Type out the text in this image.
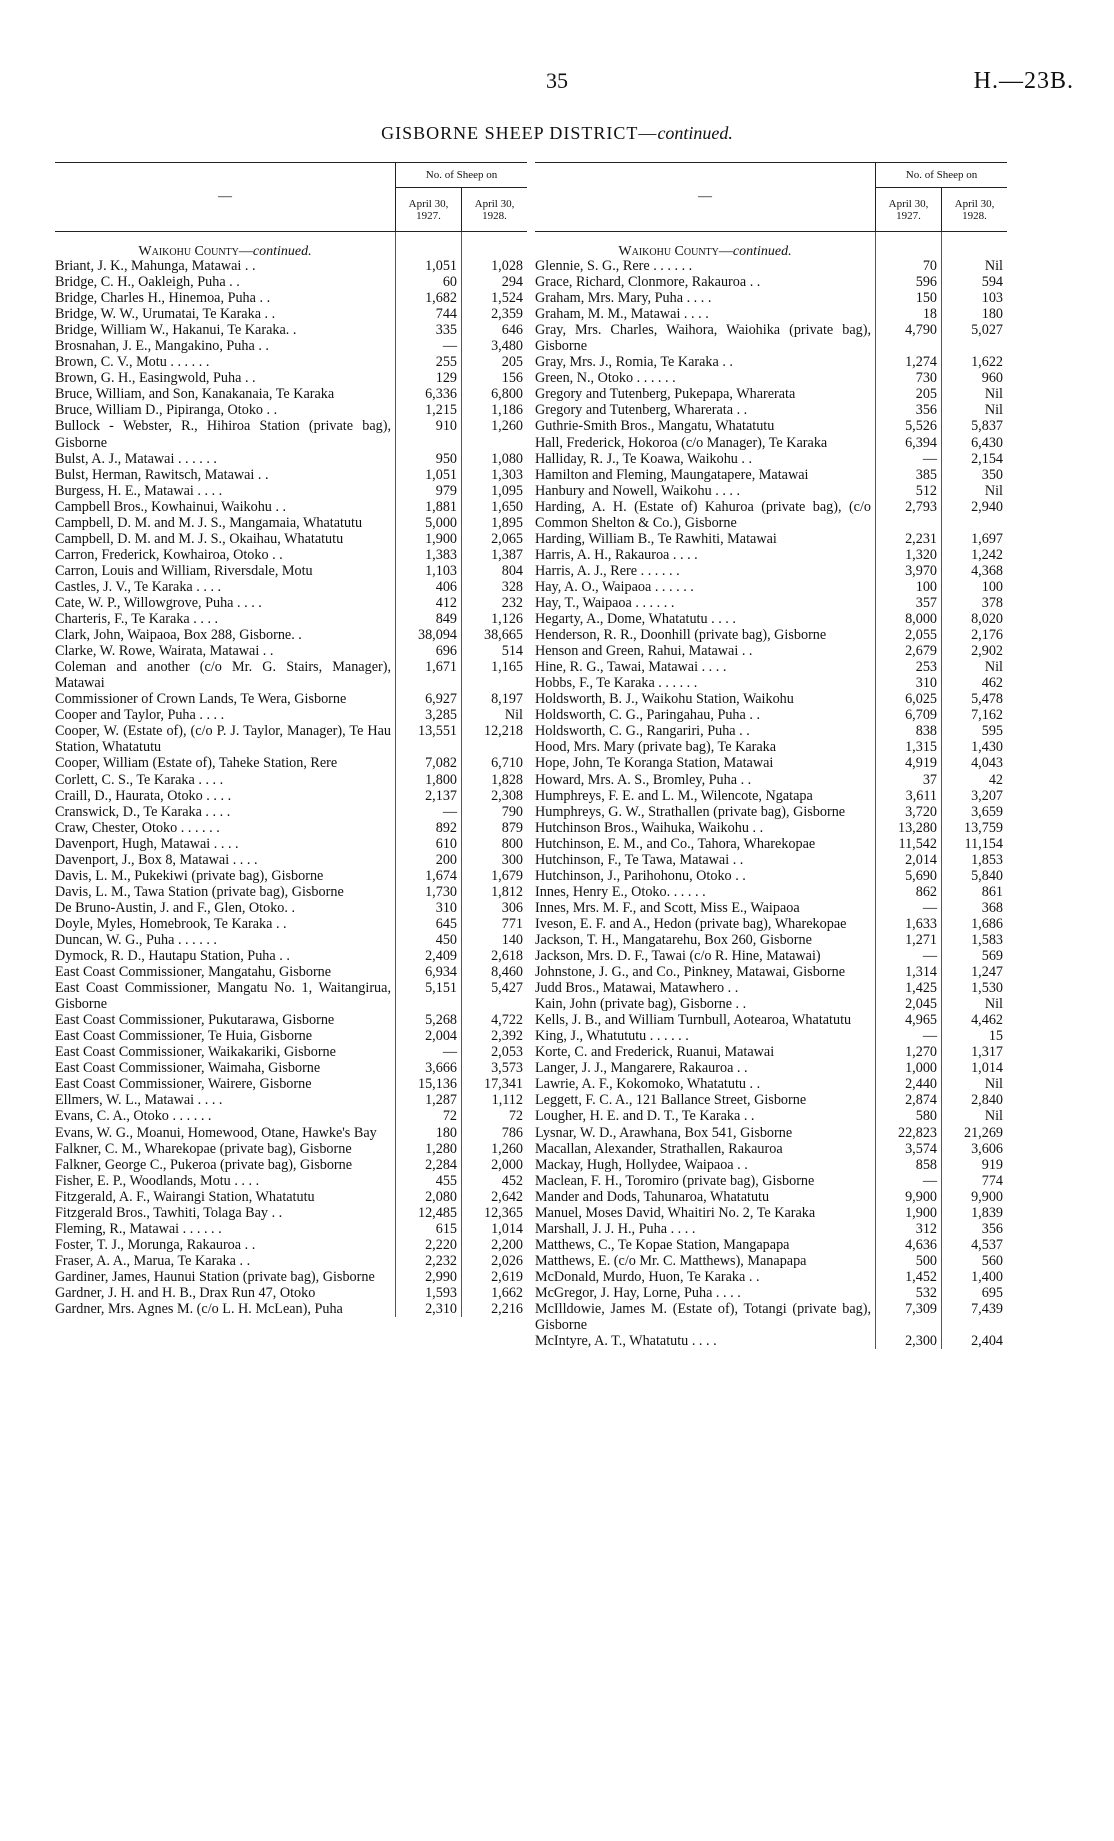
35	H.—23B.
GISBORNE SHEEP DISTRICT—continued.
—
No. of Sheep on
April 30, 1927.
April 30, 1928.
Waikohu County—continued.
Briant, J. K., Mahunga, Matawai . .	1,051	1,028
Bridge, C. H., Oakleigh, Puha . .	60	294
Bridge, Charles H., Hinemoa, Puha . .	1,682	1,524
Bridge, W. W., Urumatai, Te Karaka . .	744	2,359
Bridge, William W., Hakanui, Te Karaka. .	335	646
Brosnahan, J. E., Mangakino, Puha . .	—	3,480
Brown, C. V., Motu . . . . . .	255	205
Brown, G. H., Easingwold, Puha . .	129	156
Bruce, William, and Son, Kanakanaia, Te Karaka	6,336	6,800
Bruce, William D., Pipiranga, Otoko . .	1,215	1,186
Bullock - Webster, R., Hihiroa Station (private bag), Gisborne
910	1,260
Bulst, A. J., Matawai . . . . . .	950	1,080
Bulst, Herman, Rawitsch, Matawai . .	1,051	1,303
Burgess, H. E., Matawai . . . .	979	1,095
Campbell Bros., Kowhainui, Waikohu . .	1,881	1,650
Campbell, D. M. and M. J. S., Mangamaia, Whatatutu	5,000	1,895
Campbell, D. M. and M. J. S., Okaihau, Whatatutu	1,900	2,065
Carron, Frederick, Kowhairoa, Otoko . .	1,383	1,387
Carron, Louis and William, Riversdale, Motu	1,103	804
Castles, J. V., Te Karaka . . . .	406	328
Cate, W. P., Willowgrove, Puha . . . .	412	232
Charteris, F., Te Karaka . . . .	849	1,126
Clark, John, Waipaoa, Box 288, Gisborne. .	38,094	38,665
Clarke, W. Rowe, Wairata, Matawai . .	696	514
Coleman and another (c/o Mr. G. Stairs, Manager), Matawai
1,671	1,165
Commissioner of Crown Lands, Te Wera, Gisborne	6,927	8,197
Cooper and Taylor, Puha . . . .	3,285	Nil
Cooper, W. (Estate of), (c/o P. J. Taylor, Manager), Te Hau Station, Whatatutu
13,551	12,218
Cooper, William (Estate of), Taheke Station, Rere	7,082	6,710
Corlett, C. S., Te Karaka . . . .	1,800	1,828
Craill, D., Haurata, Otoko . . . .	2,137	2,308
Cranswick, D., Te Karaka . . . .	—	790
Craw, Chester, Otoko . . . . . .	892	879
Davenport, Hugh, Matawai . . . .	610	800
Davenport, J., Box 8, Matawai . . . .	200	300
Davis, L. M., Pukekiwi (private bag), Gisborne	1,674	1,679
Davis, L. M., Tawa Station (private bag), Gisborne	1,730	1,812
De Bruno-Austin, J. and F., Glen, Otoko. .	310	306
Doyle, Myles, Homebrook, Te Karaka . .	645	771
Duncan, W. G., Puha . . . . . .	450	140
Dymock, R. D., Hautapu Station, Puha . .	2,409	2,618
East Coast Commissioner, Mangatahu, Gisborne	6,934	8,460
East Coast Commissioner, Mangatu No. 1, Waitangirua, Gisborne
5,151	5,427
East Coast Commissioner, Pukutarawa, Gisborne	5,268	4,722
East Coast Commissioner, Te Huia, Gisborne	2,004	2,392
East Coast Commissioner, Waikakariki, Gisborne	—	2,053
East Coast Commissioner, Waimaha, Gisborne	3,666	3,573
East Coast Commissioner, Wairere, Gisborne	15,136	17,341
Ellmers, W. L., Matawai . . . .	1,287	1,112
Evans, C. A., Otoko . . . . . .	72	72
Evans, W. G., Moanui, Homewood, Otane, Hawke's Bay	180	786
Falkner, C. M., Wharekopae (private bag), Gisborne	1,280	1,260
Falkner, George C., Pukeroa (private bag), Gisborne	2,284	2,000
Fisher, E. P., Woodlands, Motu . . . .	455	452
Fitzgerald, A. F., Wairangi Station, Whatatutu	2,080	2,642
Fitzgerald Bros., Tawhiti, Tolaga Bay . .	12,485	12,365
Fleming, R., Matawai . . . . . .	615	1,014
Foster, T. J., Morunga, Rakauroa . .	2,220	2,200
Fraser, A. A., Marua, Te Karaka . .	2,232	2,026
Gardiner, James, Haunui Station (private bag), Gisborne	2,990	2,619
Gardner, J. H. and H. B., Drax Run 47, Otoko	1,593	1,662
Gardner, Mrs. Agnes M. (c/o L. H. McLean), Puha	2,310	2,216
—
No. of Sheep on
April 30, 1927.
April 30, 1928.
Waikohu County—continued.
Glennie, S. G., Rere . . . . . .	70	Nil
Grace, Richard, Clonmore, Rakauroa . .	596	594
Graham, Mrs. Mary, Puha . . . .	150	103
Graham, M. M., Matawai . . . .	18	180
Gray, Mrs. Charles, Waihora, Waiohika (private bag), Gisborne
4,790	5,027
Gray, Mrs. J., Romia, Te Karaka . .	1,274	1,622
Green, N., Otoko . . . . . .	730	960
Gregory and Tutenberg, Pukepapa, Wharerata	205	Nil
Gregory and Tutenberg, Wharerata . .	356	Nil
Guthrie-Smith Bros., Mangatu, Whatatutu	5,526	5,837
Hall, Frederick, Hokoroa (c/o Manager), Te Karaka	6,394	6,430
Halliday, R. J., Te Koawa, Waikohu . .	—	2,154
Hamilton and Fleming, Maungatapere, Matawai	385	350
Hanbury and Nowell, Waikohu . . . .	512	Nil
Harding, A. H. (Estate of) Kahuroa (private bag), (c/o Common Shelton & Co.), Gisborne
2,793	2,940
Harding, William B., Te Rawhiti, Matawai	2,231	1,697
Harris, A. H., Rakauroa . . . .	1,320	1,242
Harris, A. J., Rere . . . . . .	3,970	4,368
Hay, A. O., Waipaoa . . . . . .	100	100
Hay, T., Waipaoa . . . . . .	357	378
Hegarty, A., Dome, Whatatutu . . . .	8,000	8,020
Henderson, R. R., Doonhill (private bag), Gisborne	2,055	2,176
Henson and Green, Rahui, Matawai . .	2,679	2,902
Hine, R. G., Tawai, Matawai . . . .	253	Nil
Hobbs, F., Te Karaka . . . . . .	310	462
Holdsworth, B. J., Waikohu Station, Waikohu	6,025	5,478
Holdsworth, C. G., Paringahau, Puha . .	6,709	7,162
Holdsworth, C. G., Rangariri, Puha . .	838	595
Hood, Mrs. Mary (private bag), Te Karaka	1,315	1,430
Hope, John, Te Koranga Station, Matawai	4,919	4,043
Howard, Mrs. A. S., Bromley, Puha . .	37	42
Humphreys, F. E. and L. M., Wilencote, Ngatapa	3,611	3,207
Humphreys, G. W., Strathallen (private bag), Gisborne	3,720	3,659
Hutchinson Bros., Waihuka, Waikohu . .	13,280	13,759
Hutchinson, E. M., and Co., Tahora, Wharekopae	11,542	11,154
Hutchinson, F., Te Tawa, Matawai . .	2,014	1,853
Hutchinson, J., Parihohonu, Otoko . .	5,690	5,840
Innes, Henry E., Otoko. . . . . .	862	861
Innes, Mrs. M. F., and Scott, Miss E., Waipaoa	—	368
Iveson, E. F. and A., Hedon (private bag), Wharekopae	1,633	1,686
Jackson, T. H., Mangatarehu, Box 260, Gisborne	1,271	1,583
Jackson, Mrs. D. F., Tawai (c/o R. Hine, Matawai)	—	569
Johnstone, J. G., and Co., Pinkney, Matawai, Gisborne	1,314	1,247
Judd Bros., Matawai, Matawhero . .	1,425	1,530
Kain, John (private bag), Gisborne . .	2,045	Nil
Kells, J. B., and William Turnbull, Aotearoa, Whatatutu	4,965	4,462
King, J., Whatututu . . . . . .	—	15
Korte, C. and Frederick, Ruanui, Matawai	1,270	1,317
Langer, J. J., Mangarere, Rakauroa . .	1,000	1,014
Lawrie, A. F., Kokomoko, Whatatutu . .	2,440	Nil
Leggett, F. C. A., 121 Ballance Street, Gisborne	2,874	2,840
Lougher, H. E. and D. T., Te Karaka . .	580	Nil
Lysnar, W. D., Arawhana, Box 541, Gisborne	22,823	21,269
Macallan, Alexander, Strathallen, Rakauroa	3,574	3,606
Mackay, Hugh, Hollydee, Waipaoa . .	858	919
Maclean, F. H., Toromiro (private bag), Gisborne	—	774
Mander and Dods, Tahunaroa, Whatatutu	9,900	9,900
Manuel, Moses David, Whaitiri No. 2, Te Karaka	1,900	1,839
Marshall, J. J. H., Puha . . . .	312	356
Matthews, C., Te Kopae Station, Mangapapa	4,636	4,537
Matthews, E. (c/o Mr. C. Matthews), Manapapa	500	560
McDonald, Murdo, Huon, Te Karaka . .	1,452	1,400
McGregor, J. Hay, Lorne, Puha . . . .	532	695
McIlldowie, James M. (Estate of), Totangi (private bag), Gisborne
7,309	7,439
McIntyre, A. T., Whatatutu . . . .	2,300	2,404
